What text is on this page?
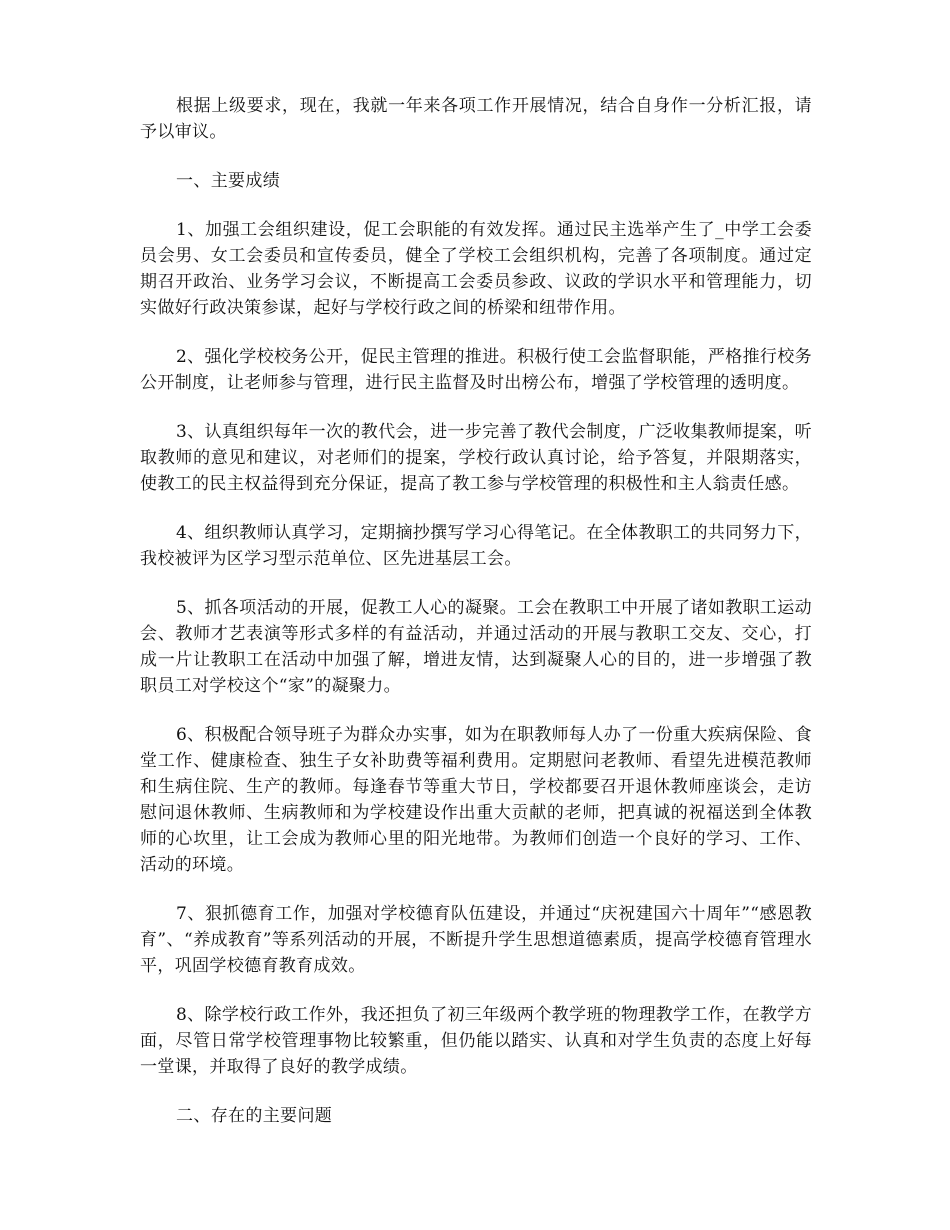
根据上级要求，现在，我就一年来各项工作开展情况，结合自身作一分析汇报，请予以审议。

一、主要成绩

1、加强工会组织建设，促工会职能的有效发挥。通过民主选举产生了_中学工会委员会男、女工会委员和宣传委员，健全了学校工会组织机构，完善了各项制度。通过定期召开政治、业务学习会议，不断提高工会委员参政、议政的学识水平和管理能力，切实做好行政决策参谋，起好与学校行政之间的桥梁和纽带作用。

2、强化学校校务公开，促民主管理的推进。积极行使工会监督职能，严格推行校务公开制度，让老师参与管理，进行民主监督及时出榜公布，增强了学校管理的透明度。

3、认真组织每年一次的教代会，进一步完善了教代会制度，广泛收集教师提案，听取教师的意见和建议，对老师们的提案，学校行政认真讨论，给予答复，并限期落实，使教工的民主权益得到充分保证，提高了教工参与学校管理的积极性和主人翁责任感。

4、组织教师认真学习，定期摘抄撰写学习心得笔记。在全体教职工的共同努力下，我校被评为区学习型示范单位、区先进基层工会。

5、抓各项活动的开展，促教工人心的凝聚。工会在教职工中开展了诸如教职工运动会、教师才艺表演等形式多样的有益活动，并通过活动的开展与教职工交友、交心，打成一片让教职工在活动中加强了解，增进友情，达到凝聚人心的目的，进一步增强了教职员工对学校这个“家”的凝聚力。

6、积极配合领导班子为群众办实事，如为在职教师每人办了一份重大疾病保险、食堂工作、健康检查、独生子女补助费等福利费用。定期慰问老教师、看望先进模范教师和生病住院、生产的教师。每逢春节等重大节日，学校都要召开退休教师座谈会，走访慰问退休教师、生病教师和为学校建设作出重大贡献的老师，把真诚的祝福送到全体教师的心坎里，让工会成为教师心里的阳光地带。为教师们创造一个良好的学习、工作、活动的环境。

7、狠抓德育工作，加强对学校德育队伍建设，并通过“庆祝建国六十周年”“感恩教育”、“养成教育”等系列活动的开展，不断提升学生思想道德素质，提高学校德育管理水平，巩固学校德育教育成效。

8、除学校行政工作外，我还担负了初三年级两个教学班的物理教学工作，在教学方面，尽管日常学校管理事物比较繁重，但仍能以踏实、认真和对学生负责的态度上好每一堂课，并取得了良好的教学成绩。

二、存在的主要问题
